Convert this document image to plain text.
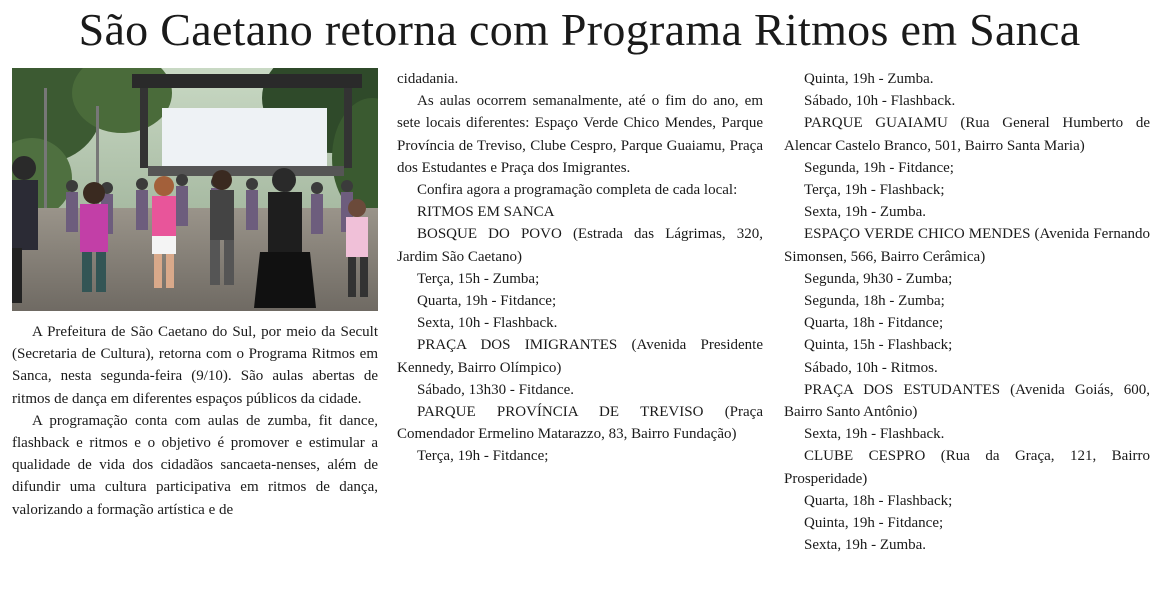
São Caetano retorna com Programa Ritmos em Sanca

A Prefeitura de São Caetano do Sul, por meio da Secult (Secretaria de Cultura), retorna com o Programa Ritmos em Sanca, nesta segunda-feira (9/10). São aulas abertas de ritmos de dança em diferentes espaços públicos da cidade.

A programação conta com aulas de zumba, fit dance, flashback e ritmos e o objetivo é promover e estimular a qualidade de vida dos cidadãos sancaeta-nenses, além de difundir uma cultura participativa em ritmos de dança, valorizando a formação artística e de

cidadania.

As aulas ocorrem semanalmente, até o fim do ano, em sete locais diferentes: Espaço Verde Chico Mendes, Parque Província de Treviso, Clube Cespro, Parque Guaiamu, Praça dos Estudantes e Praça dos Imigrantes.

Confira agora a programação completa de cada local:

RITMOS EM SANCA

BOSQUE DO POVO (Estrada das Lágrimas, 320, Jardim São Caetano)

Terça, 15h - Zumba;

Quarta, 19h - Fitdance;

Sexta, 10h - Flashback.

PRAÇA DOS IMIGRANTES (Avenida Presidente Kennedy, Bairro Olímpico)

Sábado, 13h30 - Fitdance.

PARQUE PROVÍNCIA DE TREVISO (Praça Comendador Ermelino Matarazzo, 83, Bairro Fundação)

Terça, 19h - Fitdance;

Quinta, 19h - Zumba.

Sábado, 10h - Flashback.

PARQUE GUAIAMU (Rua General Humberto de Alencar Castelo Branco, 501, Bairro Santa Maria)

Segunda, 19h - Fitdance;

Terça, 19h - Flashback;

Sexta, 19h - Zumba.

ESPAÇO VERDE CHICO MENDES (Avenida Fernando Simonsen, 566, Bairro Cerâmica)

Segunda, 9h30 - Zumba;

Segunda, 18h - Zumba;

Quarta, 18h - Fitdance;

Quinta, 15h - Flashback;

Sábado, 10h - Ritmos.

PRAÇA DOS ESTUDANTES (Avenida Goiás, 600, Bairro Santo Antônio)

Sexta, 19h - Flashback.

CLUBE CESPRO (Rua da Graça, 121, Bairro Prosperidade)

Quarta, 18h - Flashback;

Quinta, 19h - Fitdance;

Sexta, 19h - Zumba.
